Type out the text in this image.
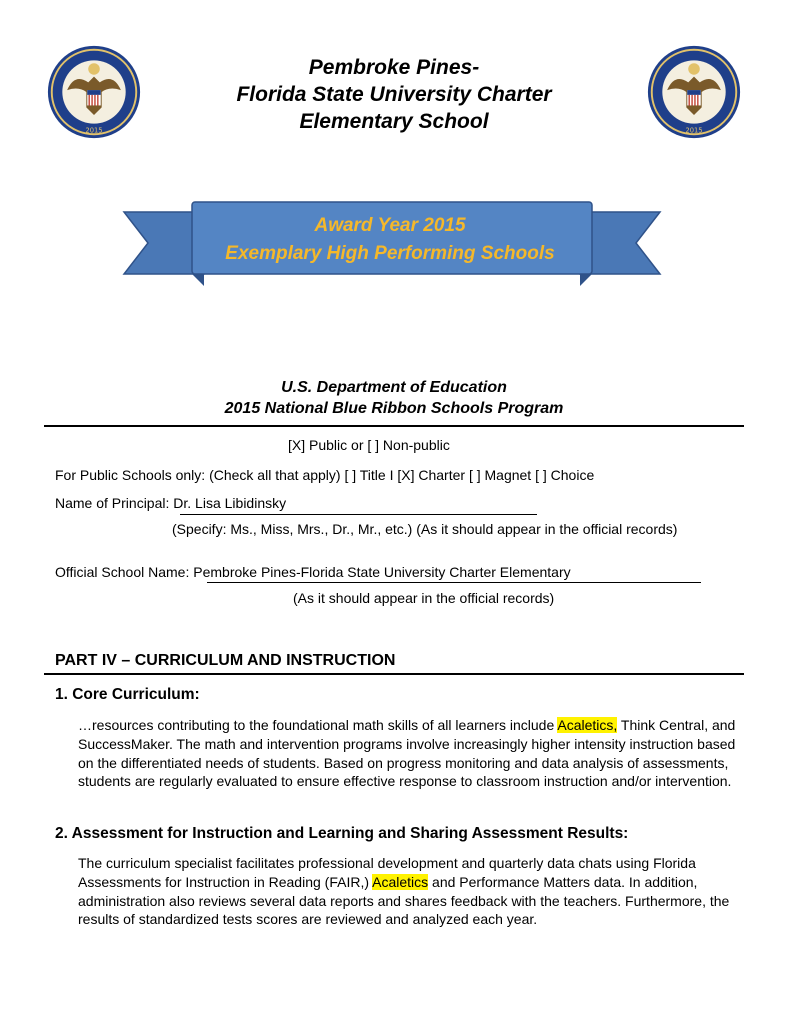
2015	2015
Pembroke Pines-
Florida State University Charter
Elementary School
Award Year 2015
Exemplary High Performing Schools
U.S. Department of Education
2015 National Blue Ribbon Schools Program
[X] Public or [ ] Non-public
For Public Schools only: (Check all that apply) [ ] Title I [X] Charter [ ] Magnet [ ] Choice
Name of Principal: Dr. Lisa Libidinsky
(Specify: Ms., Miss, Mrs., Dr., Mr., etc.) (As it should appear in the official records)
Official School Name: Pembroke Pines-Florida State University Charter Elementary
(As it should appear in the official records)
PART IV – CURRICULUM AND INSTRUCTION
1. Core Curriculum:
…resources contributing to the foundational math skills of all learners include Acaletics, Think Central, and SuccessMaker. The math and intervention programs involve increasingly higher intensity instruction based on the differentiated needs of students. Based on progress monitoring and data analysis of assessments, students are regularly evaluated to ensure effective response to classroom instruction and/or intervention.
2. Assessment for Instruction and Learning and Sharing Assessment Results:
The curriculum specialist facilitates professional development and quarterly data chats using Florida Assessments for Instruction in Reading (FAIR,) Acaletics and Performance Matters data. In addition, administration also reviews several data reports and shares feedback with the teachers. Furthermore, the results of standardized tests scores are reviewed and analyzed each year.
